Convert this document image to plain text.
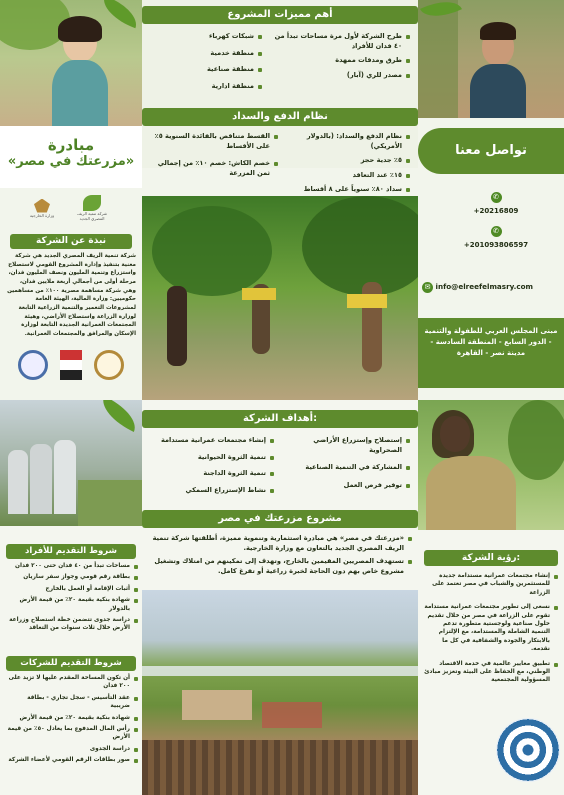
مبادرة
«مزرعتك في مصر»
وزارة الخارجية	شركة تنمية الريف المصري الجديد
نبذة عن الشركة
شركة تنمية الريف المصري الجديد هي شركة معنية بتنفيذ وإدارة المشروع القومي لاستصلاح واستزراع وتنمية المليون ونصف المليون فدان، مرحلة أولى من أجمالي أربعة ملايين فدان، وهي شركة مساهمة مصرية ١٠٠٪ من مساهمين حكوميين: وزارة المالية، الهيئة العامة لمشروعات التعمير والتنمية الزراعية التابعة لوزارة الزراعة واستصلاح الأراضي، وهيئة المجتمعات العمرانية الجديدة التابعة لوزارة الإسكان والمرافق والمجتمعات العمرانية.
أهم مميزات المشروع
طرح الشركة لأول مرة مساحات تبدأ من ٤٠ فدان للأفراد
طرق ومدقات ممهدة
مصدر للري (آبار)
شبكات كهرباء
منطقة خدمية
منطقة صناعية
منطقة ادارية
نظام الدفع والسداد
نظام الدفع والسداد: (بالدولار الأمريكي)
٥٪ جدية حجز
١٥٪ عند التعاقد
سداد ٨٠٪ سنوياً على ٨ أقساط
القسط متناقص بالفائدة السنوية ٥٪ على الأقساط
خصم الكاش: خصم ١٠٪ من إجمالي ثمن المزرعة
تواصل معنا
✆
+20216809
✆
+201093806597
✉ info@elreefelmasry.com
مبنى المجلس العربي للطفولة والتنمية - الدور السابع - المنطقة السادسة - مدينة نصر - القاهرة
شروط التقديم للأفراد
مساحات تبدأ من ٤٠ فدان حتى ٢٠٠ فدان
بطاقة رقم قومي وجواز سفر ساريان
أثبات الإقامة أو العمل بالخارج
شهادة بنكية بقيمة ٢٠٪ من قيمة الأرض بالدولار
دراسة جدوى تتضمن خطة استصلاح وزراعة الأرض خلال ثلاث سنوات من التعاقد
شروط التقديم للشركات
أن تكون المساحة المقدم عليها لا تزيد على ٢٠٠ فدان
عقد التأسيس - سجل تجاري - بطاقة ضريبية
شهادة بنكية بقيمة ٢٠٪ من قيمة الأرض
رأس المال المدفوع بما يعادل ٥٠٪ من قيمة الأرض
دراسة الجدوى
صور بطاقات الرقم القومي لأعضاء الشركة
أهداف الشركة:
إستصلاح وإستزراع الأراضي الصحراوية
المشاركة في التنمية الصناعية
توفير فرص العمل
إنشاء مجتمعات عمرانية مستدامة
تنمية الثروة الحيوانية
تنمية الثروة الداجنة
نشاط الإستزراع السمكي
مشروع مزرعتك في مصر
«مزرعتك في مصر» هي مبادرة استثمارية وتنموية مميزة، أطلقتها شركة تنمية الريف المصري الجديد بالتعاون مع وزارة الخارجية.
تستهدف المصريين المقيمين بالخارج، وتهدف إلى تمكينهم من امتلاك وتشغيل مشروع خاص بهم دون الحاجة لخبرة زراعية أو تفرغ كامل.
رؤية الشركة:
إنشاء مجتمعات عمرانية مستدامة جديدة للمستثمرين والشباب في مصر تعتمد على الزراعة
نسعى إلى تطوير مجتمعات عمرانية مستدامة تقوم على الزراعة في مصر من خلال تقديم حلول صناعية ولوجستية متطورة تدعم التنمية الشاملة والمستدامة، مع الإلتزام بالابتكار والجودة والشفافية في كل ما نقدمه.
تطبيق معايير عالمية في خدمة الاقتصاد الوطني، مع الحفاظ على البيئة وتعزيز مبادئ المسؤولية المجتمعية
